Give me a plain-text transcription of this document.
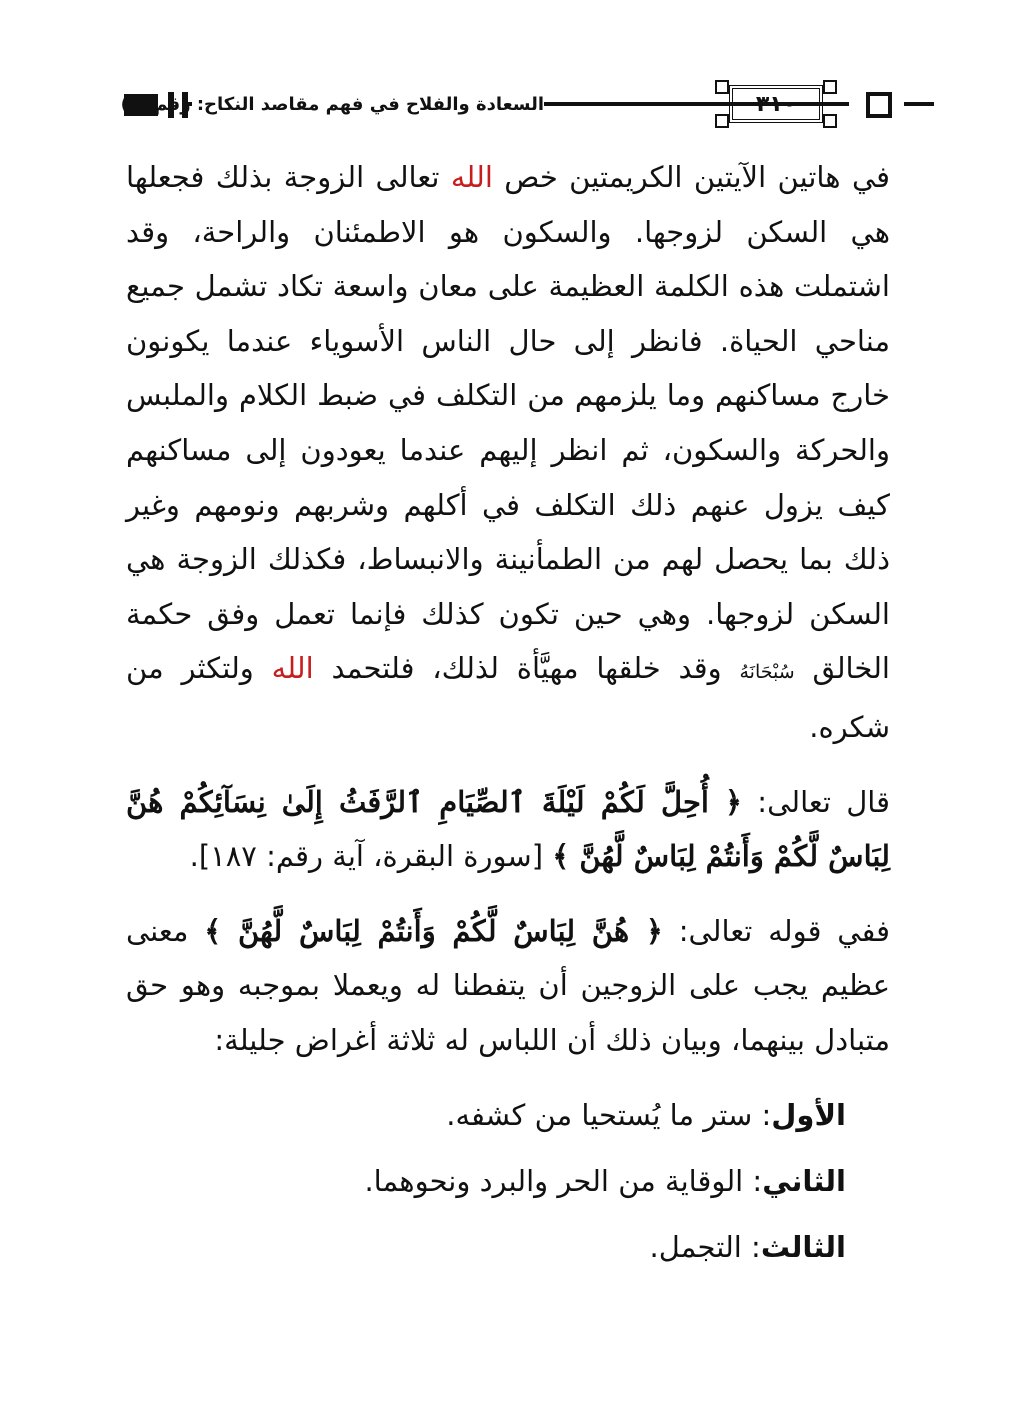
السعادة والفلاح في فهم مقاصد النكاح: رقم (٥)	٣١٠

في هاتين الآيتين الكريمتين خص الله تعالى الزوجة بذلك فجعلها هي السكن لزوجها. والسكون هو الاطمئنان والراحة، وقد اشتملت هذه الكلمة العظيمة على معان واسعة تكاد تشمل جميع مناحي الحياة. فانظر إلى حال الناس الأسوياء عندما يكونون خارج مساكنهم وما يلزمهم من التكلف في ضبط الكلام والملبس والحركة والسكون، ثم انظر إليهم عندما يعودون إلى مساكنهم كيف يزول عنهم ذلك التكلف في أكلهم وشربهم ونومهم وغير ذلك بما يحصل لهم من الطمأنينة والانبساط، فكذلك الزوجة هي السكن لزوجها. وهي حين تكون كذلك فإنما تعمل وفق حكمة الخالق سُبْحَانَهُ وقد خلقها مهيَّأة لذلك، فلتحمد الله ولتكثر من شكره.

قال تعالى: ﴿ أُحِلَّ لَكُمْ لَيْلَةَ ٱلصِّيَامِ ٱلرَّفَثُ إِلَىٰ نِسَآئِكُمْ هُنَّ لِبَاسٌ لَّكُمْ وَأَنتُمْ لِبَاسٌ لَّهُنَّ ﴾ [سورة البقرة، آية رقم: ١٨٧].

ففي قوله تعالى: ﴿ هُنَّ لِبَاسٌ لَّكُمْ وَأَنتُمْ لِبَاسٌ لَّهُنَّ ﴾ معنى عظيم يجب على الزوجين أن يتفطنا له ويعملا بموجبه وهو حق متبادل بينهما، وبيان ذلك أن اللباس له ثلاثة أغراض جليلة:

الأول: ستر ما يُستحيا من كشفه.

الثاني: الوقاية من الحر والبرد ونحوهما.

الثالث: التجمل.
